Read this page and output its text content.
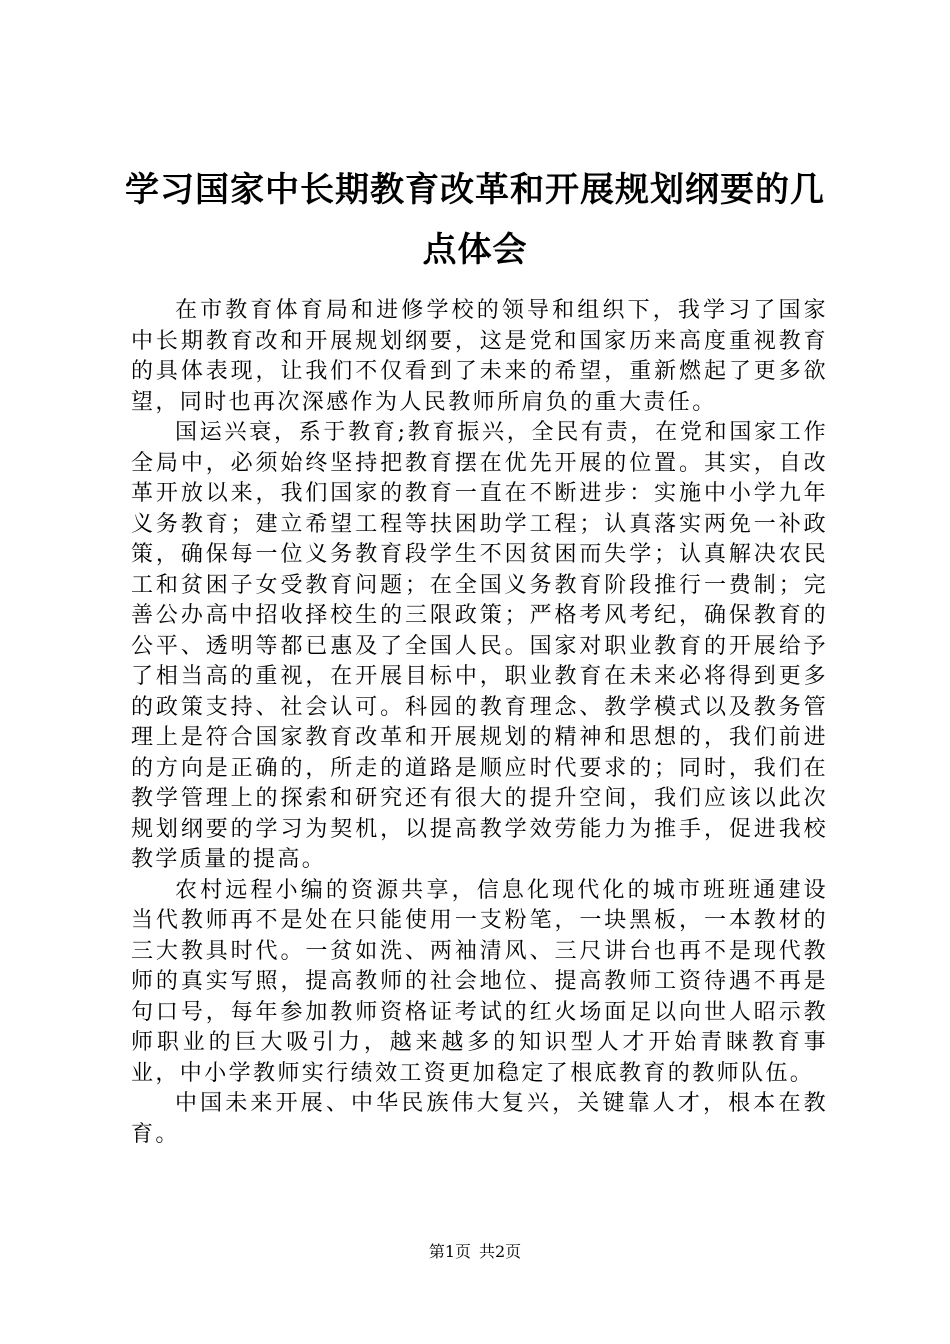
学习国家中长期教育改革和开展规划纲要的几点体会

在市教育体育局和进修学校的领导和组织下，我学习了国家中长期教育改和开展规划纲要，这是党和国家历来高度重视教育的具体表现，让我们不仅看到了未来的希望，重新燃起了更多欲望，同时也再次深感作为人民教师所肩负的重大责任。

国运兴衰，系于教育;教育振兴，全民有责，在党和国家工作全局中，必须始终坚持把教育摆在优先开展的位置。其实，自改革开放以来，我们国家的教育一直在不断进步：实施中小学九年义务教育；建立希望工程等扶困助学工程；认真落实两免一补政策，确保每一位义务教育段学生不因贫困而失学；认真解决农民工和贫困子女受教育问题；在全国义务教育阶段推行一费制；完善公办高中招收择校生的三限政策；严格考风考纪，确保教育的公平、透明等都已惠及了全国人民。国家对职业教育的开展给予了相当高的重视，在开展目标中，职业教育在未来必将得到更多的政策支持、社会认可。科园的教育理念、教学模式以及教务管理上是符合国家教育改革和开展规划的精神和思想的，我们前进的方向是正确的，所走的道路是顺应时代要求的；同时，我们在教学管理上的探索和研究还有很大的提升空间，我们应该以此次规划纲要的学习为契机，以提高教学效劳能力为推手，促进我校教学质量的提高。

农村远程小编的资源共享，信息化现代化的城市班班通建设当代教师再不是处在只能使用一支粉笔，一块黑板，一本教材的三大教具时代。一贫如洗、两袖清风、三尺讲台也再不是现代教师的真实写照，提高教师的社会地位、提高教师工资待遇不再是句口号，每年参加教师资格证考试的红火场面足以向世人昭示教师职业的巨大吸引力，越来越多的知识型人才开始青睐教育事业，中小学教师实行绩效工资更加稳定了根底教育的教师队伍。

中国未来开展、中华民族伟大复兴，关键靠人才，根本在教育。

第1页 共2页
